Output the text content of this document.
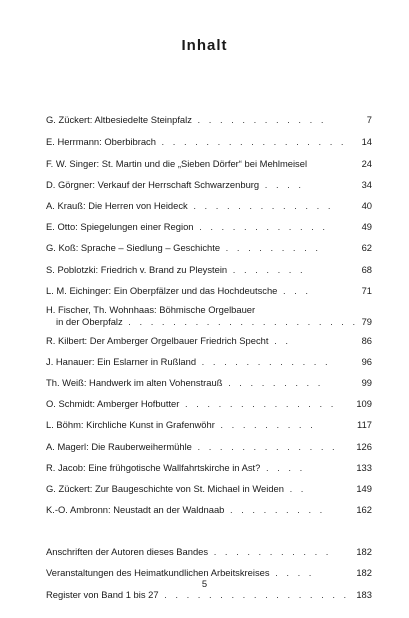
Inhalt
G. Zückert: Altbesiedelte Steinpfalz . . . . . . . . . . . .	7
E. Herrmann: Oberbibrach . . . . . . . . . . . . . . . . . 14
F. W. Singer: St. Martin und die „Sieben Dörfer“ bei Mehlmeisel	24
D. Görgner: Verkauf der Herrschaft Schwarzenburg . . . .	34
A. Krauß: Die Herren von Heideck . . . . . . . . . . . . .	40
E. Otto: Spiegelungen einer Region . . . . . . . . . . . .	49
G. Koß: Sprache – Siedlung – Geschichte . . . . . . . . .	62
S. Poblotzki: Friedrich v. Brand zu Pleystein . . . . . . .	68
L. M. Eichinger: Ein Oberpfälzer und das Hochdeutsche . . .	71
H. Fischer, Th. Wohnhaas: Böhmische Orgelbauer
in der Oberpfalz . . . . . . . . . . . . . . . . . . . . . 79
R. Kilbert: Der Amberger Orgelbauer Friedrich Specht . .	86
J. Hanauer: Ein Eslarner in Rußland . . . . . . . . . . . .	96
Th. Weiß: Handwerk im alten Vohenstrauß . . . . . . . . .	99
O. Schmidt: Amberger Hofbutter . . . . . . . . . . . . . . 109
L. Böhm: Kirchliche Kunst in Grafenwöhr . . . . . . . . .	117
A. Magerl: Die Rauberweihermühle . . . . . . . . . . . . . 126
R. Jacob: Eine frühgotische Wallfahrtskirche in Ast? . . . .	133
G. Zückert: Zur Baugeschichte von St. Michael in Weiden . .	149
K.-O. Ambronn: Neustadt an der Waldnaab . . . . . . . . .	162
Anschriften der Autoren dieses Bandes . . . . . . . . . . .	182
Veranstaltungen des Heimatkundlichen Arbeitskreises . . . .	182
Register von Band 1 bis 27 . . . . . . . . . . . . . . . . . 183
5
